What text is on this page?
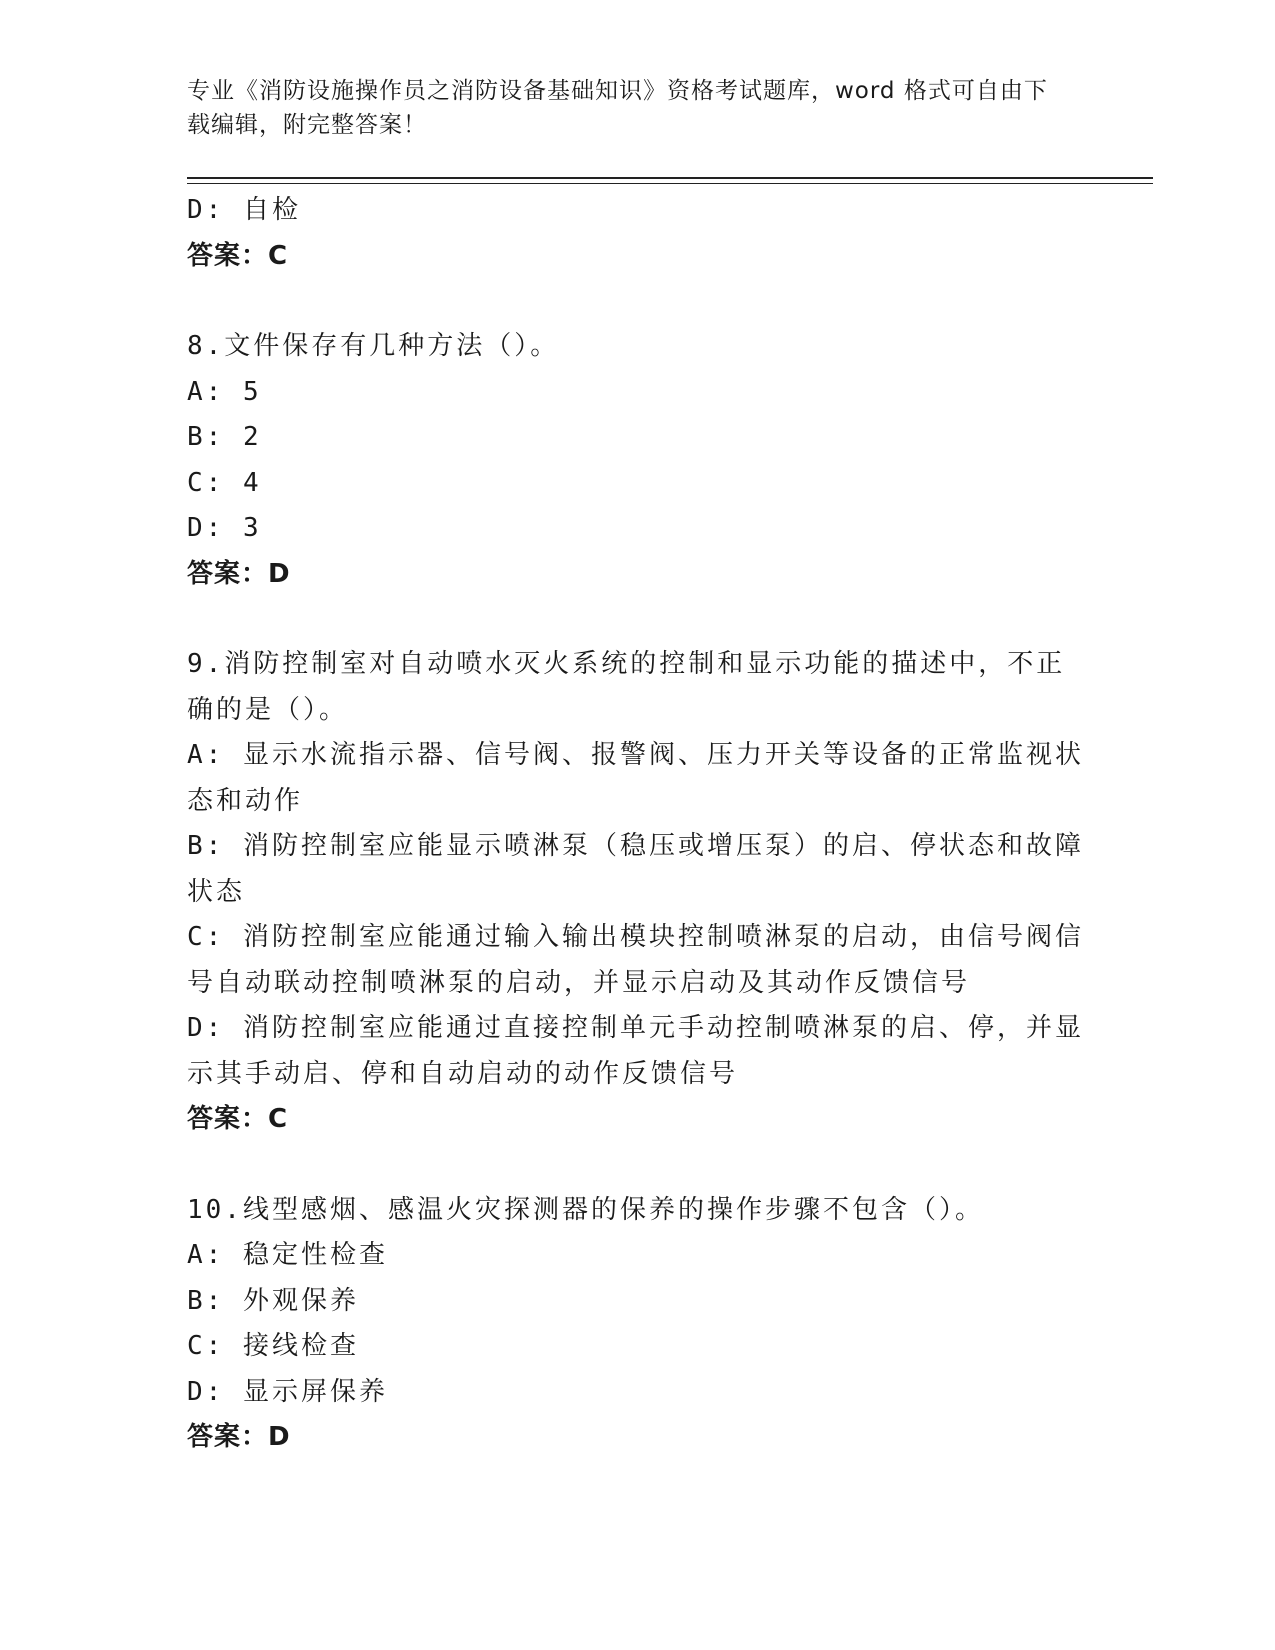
专业《消防设施操作员之消防设备基础知识》资格考试题库，word 格式可自由下
载编辑，附完整答案！
D: 自检
答案：C
8.文件保存有几种方法（）。
A: 5
B: 2
C: 4
D: 3
答案：D
9.消防控制室对自动喷水灭火系统的控制和显示功能的描述中，不正
确的是（）。
A: 显示水流指示器、信号阀、报警阀、压力开关等设备的正常监视状
态和动作
B: 消防控制室应能显示喷淋泵（稳压或增压泵）的启、停状态和故障
状态
C: 消防控制室应能通过输入输出模块控制喷淋泵的启动，由信号阀信
号自动联动控制喷淋泵的启动，并显示启动及其动作反馈信号
D: 消防控制室应能通过直接控制单元手动控制喷淋泵的启、停，并显
示其手动启、停和自动启动的动作反馈信号
答案：C
10.线型感烟、感温火灾探测器的保养的操作步骤不包含（）。
A: 稳定性检查
B: 外观保养
C: 接线检查
D: 显示屏保养
答案：D
